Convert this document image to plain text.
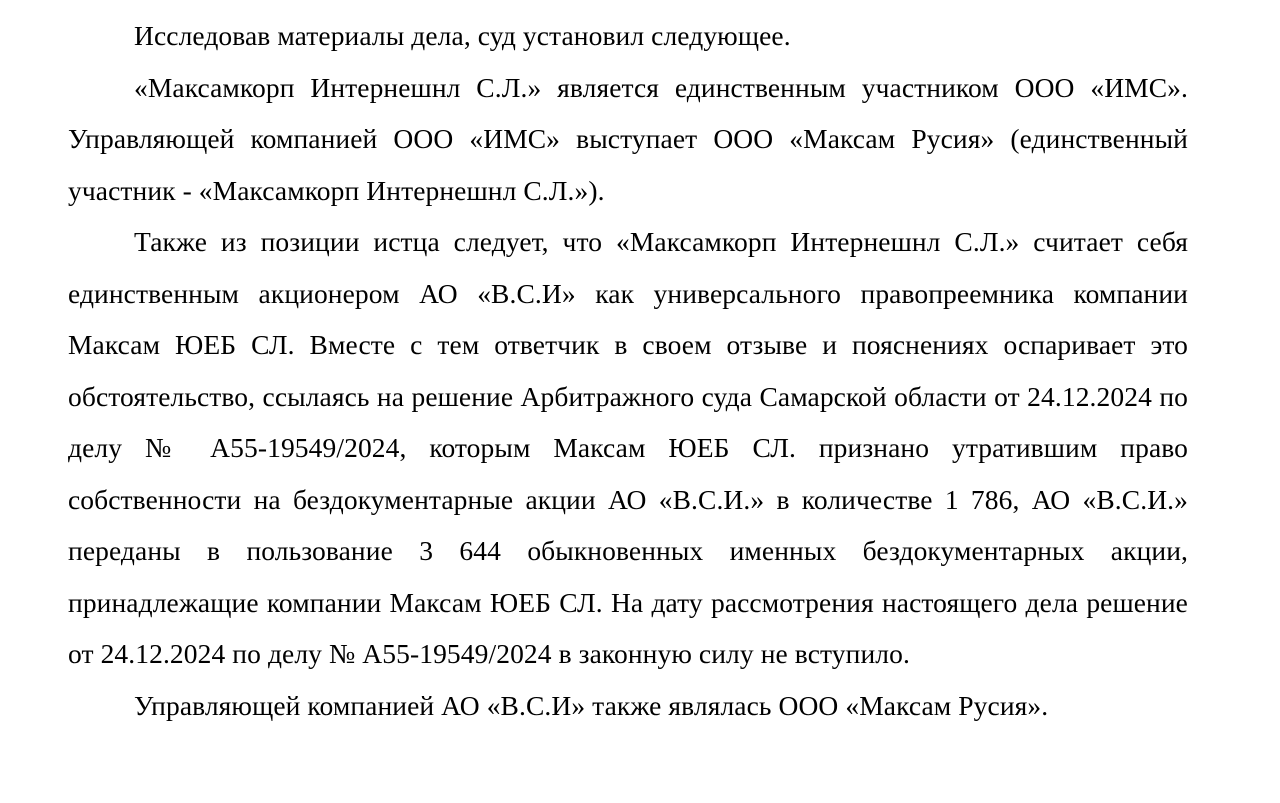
Исследовав материалы дела, суд установил следующее.

«Максамкорп Интернешнл С.Л.» является единственным участником ООО «ИМС». Управляющей компанией ООО «ИМС» выступает ООО «Максам Русия» (единственный участник - «Максамкорп Интернешнл С.Л.»).

Также из позиции истца следует, что «Максамкорп Интернешнл С.Л.» считает себя единственным акционером АО «В.С.И» как универсального правопреемника компании Максам ЮЕБ СЛ. Вместе с тем ответчик в своем отзыве и пояснениях оспаривает это обстоятельство, ссылаясь на решение Арбитражного суда Самарской области от 24.12.2024 по делу № А55-19549/2024, которым Максам ЮЕБ СЛ. признано утратившим право собственности на бездокументарные акции АО «В.С.И.» в количестве 1 786, АО «В.С.И.» переданы в пользование 3 644 обыкновенных именных бездокументарных акции, принадлежащие компании Максам ЮЕБ СЛ. На дату рассмотрения настоящего дела решение от 24.12.2024 по делу № А55-19549/2024 в законную силу не вступило.

Управляющей компанией АО «В.С.И» также являлась ООО «Максам Русия».
